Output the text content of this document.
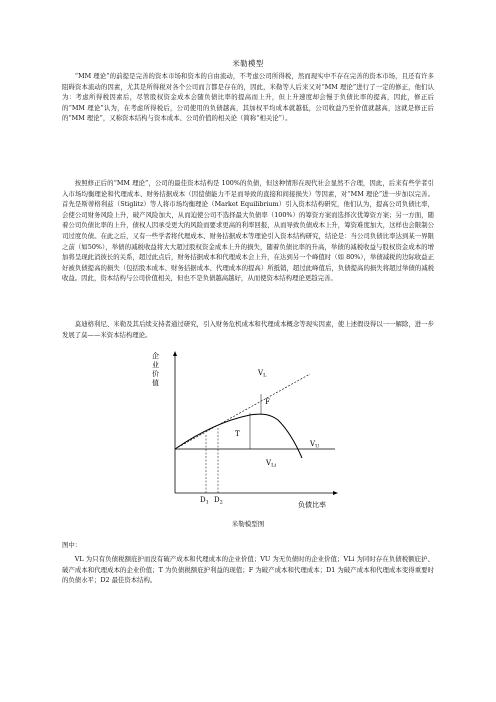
米勒模型

“MM 理论”的前提是完善的资本市场和资本的自由流动，不考虑公司所得税，然而现实中不存在完善的资本市场，且还有许多阻碍资本流动的因素，尤其是所得税对各个公司而言都是存在的，因此，米勒等人后来又对“MM 理论”进行了一定的修正，他们认为：考虑所得税因素后，尽管股权资金成本会随负债比率的提高而上升，但上升速度却会慢于负债比率的提高，因此，修正后的“MM 理论”认为，在考虑所得税后，公司使用的负债越高，其加权平均成本就越低，公司收益乃至价值就越高，这就是修正后的“MM 理论”，又称资本结构与资本成本、公司价值的相关论（简称“相关论”）。

按照修正后的“MM 理论”，公司的最佳资本结构是 100%的负债，但这种情形在现代社会显然不合理，因此，后来有些学者引入市场均衡理论和代理成本、财务拮据成本（因偿债能力不足而导致的直接和间接损失）等因素，对“MM 理论”进一步加以完善。首先是斯蒂格利兹（Stiglitz）等人将市场均衡理论（Market Equilibrium）引入资本结构研究，他们认为，提高公司负债比率，会使公司财务风险上升，破产风险加大，从而迫使公司不选择最大负债率（100%）的筹资方案而选择次优筹资方案；另一方面，随着公司负债比率的上升，债权人因承受更大的风险而要求更高的利率回报，从而导致负债成本上升，筹资难度加大，这样也会限制公司过度负债。在此之后，又有一些学者将代理成本、财务拮据成本等理论引入资本结构研究，结论是：当公司负债比率达到某一界限之前（如50%），举债的减税收益将大大超过股权资金成本上升的损失，随着负债比率的升高，举债的减税收益与股权资金成本的增加将呈现此消彼长的关系，超过此点后，财务拮据成本和代理成本会上升，在达到另一个峰值时（如 80%），举债减税的边际收益正好被负债提高的损失（包括股本成本、财务拮据成本、代理成本的提高）所抵销，超过此峰值后，负债提高的损失将超过举债的减税收益。因此，资本结构与公司价值相关，但也不是负债越高越好，从而使资本结构理论更趋完善。

莫迪格利尼、米勒及其后续支持者通过研究，引入财务危机成本和代理成本概念等现实因素，使上述假设得以一一解除，进一步发展了莫——米资本结构理论。

企 业 价 值
负债比率
$V_L$
F
T
$V_U$
$V_{Li}$
$D_1$ $D_2$
米勒模型图
图中：

VL 为只有负债税额庇护而没有破产成本和代理成本的企业价值；VU 为无负债时的企业价值；VLi 为同时存在负债税额庇护、破产成本和代理成本的企业价值；T 为负债税额庇护利益的现值；F 为破产成本和代理成本；D1 为破产成本和代理成本变得重要时的负债水平；D2 最佳资本结构。
